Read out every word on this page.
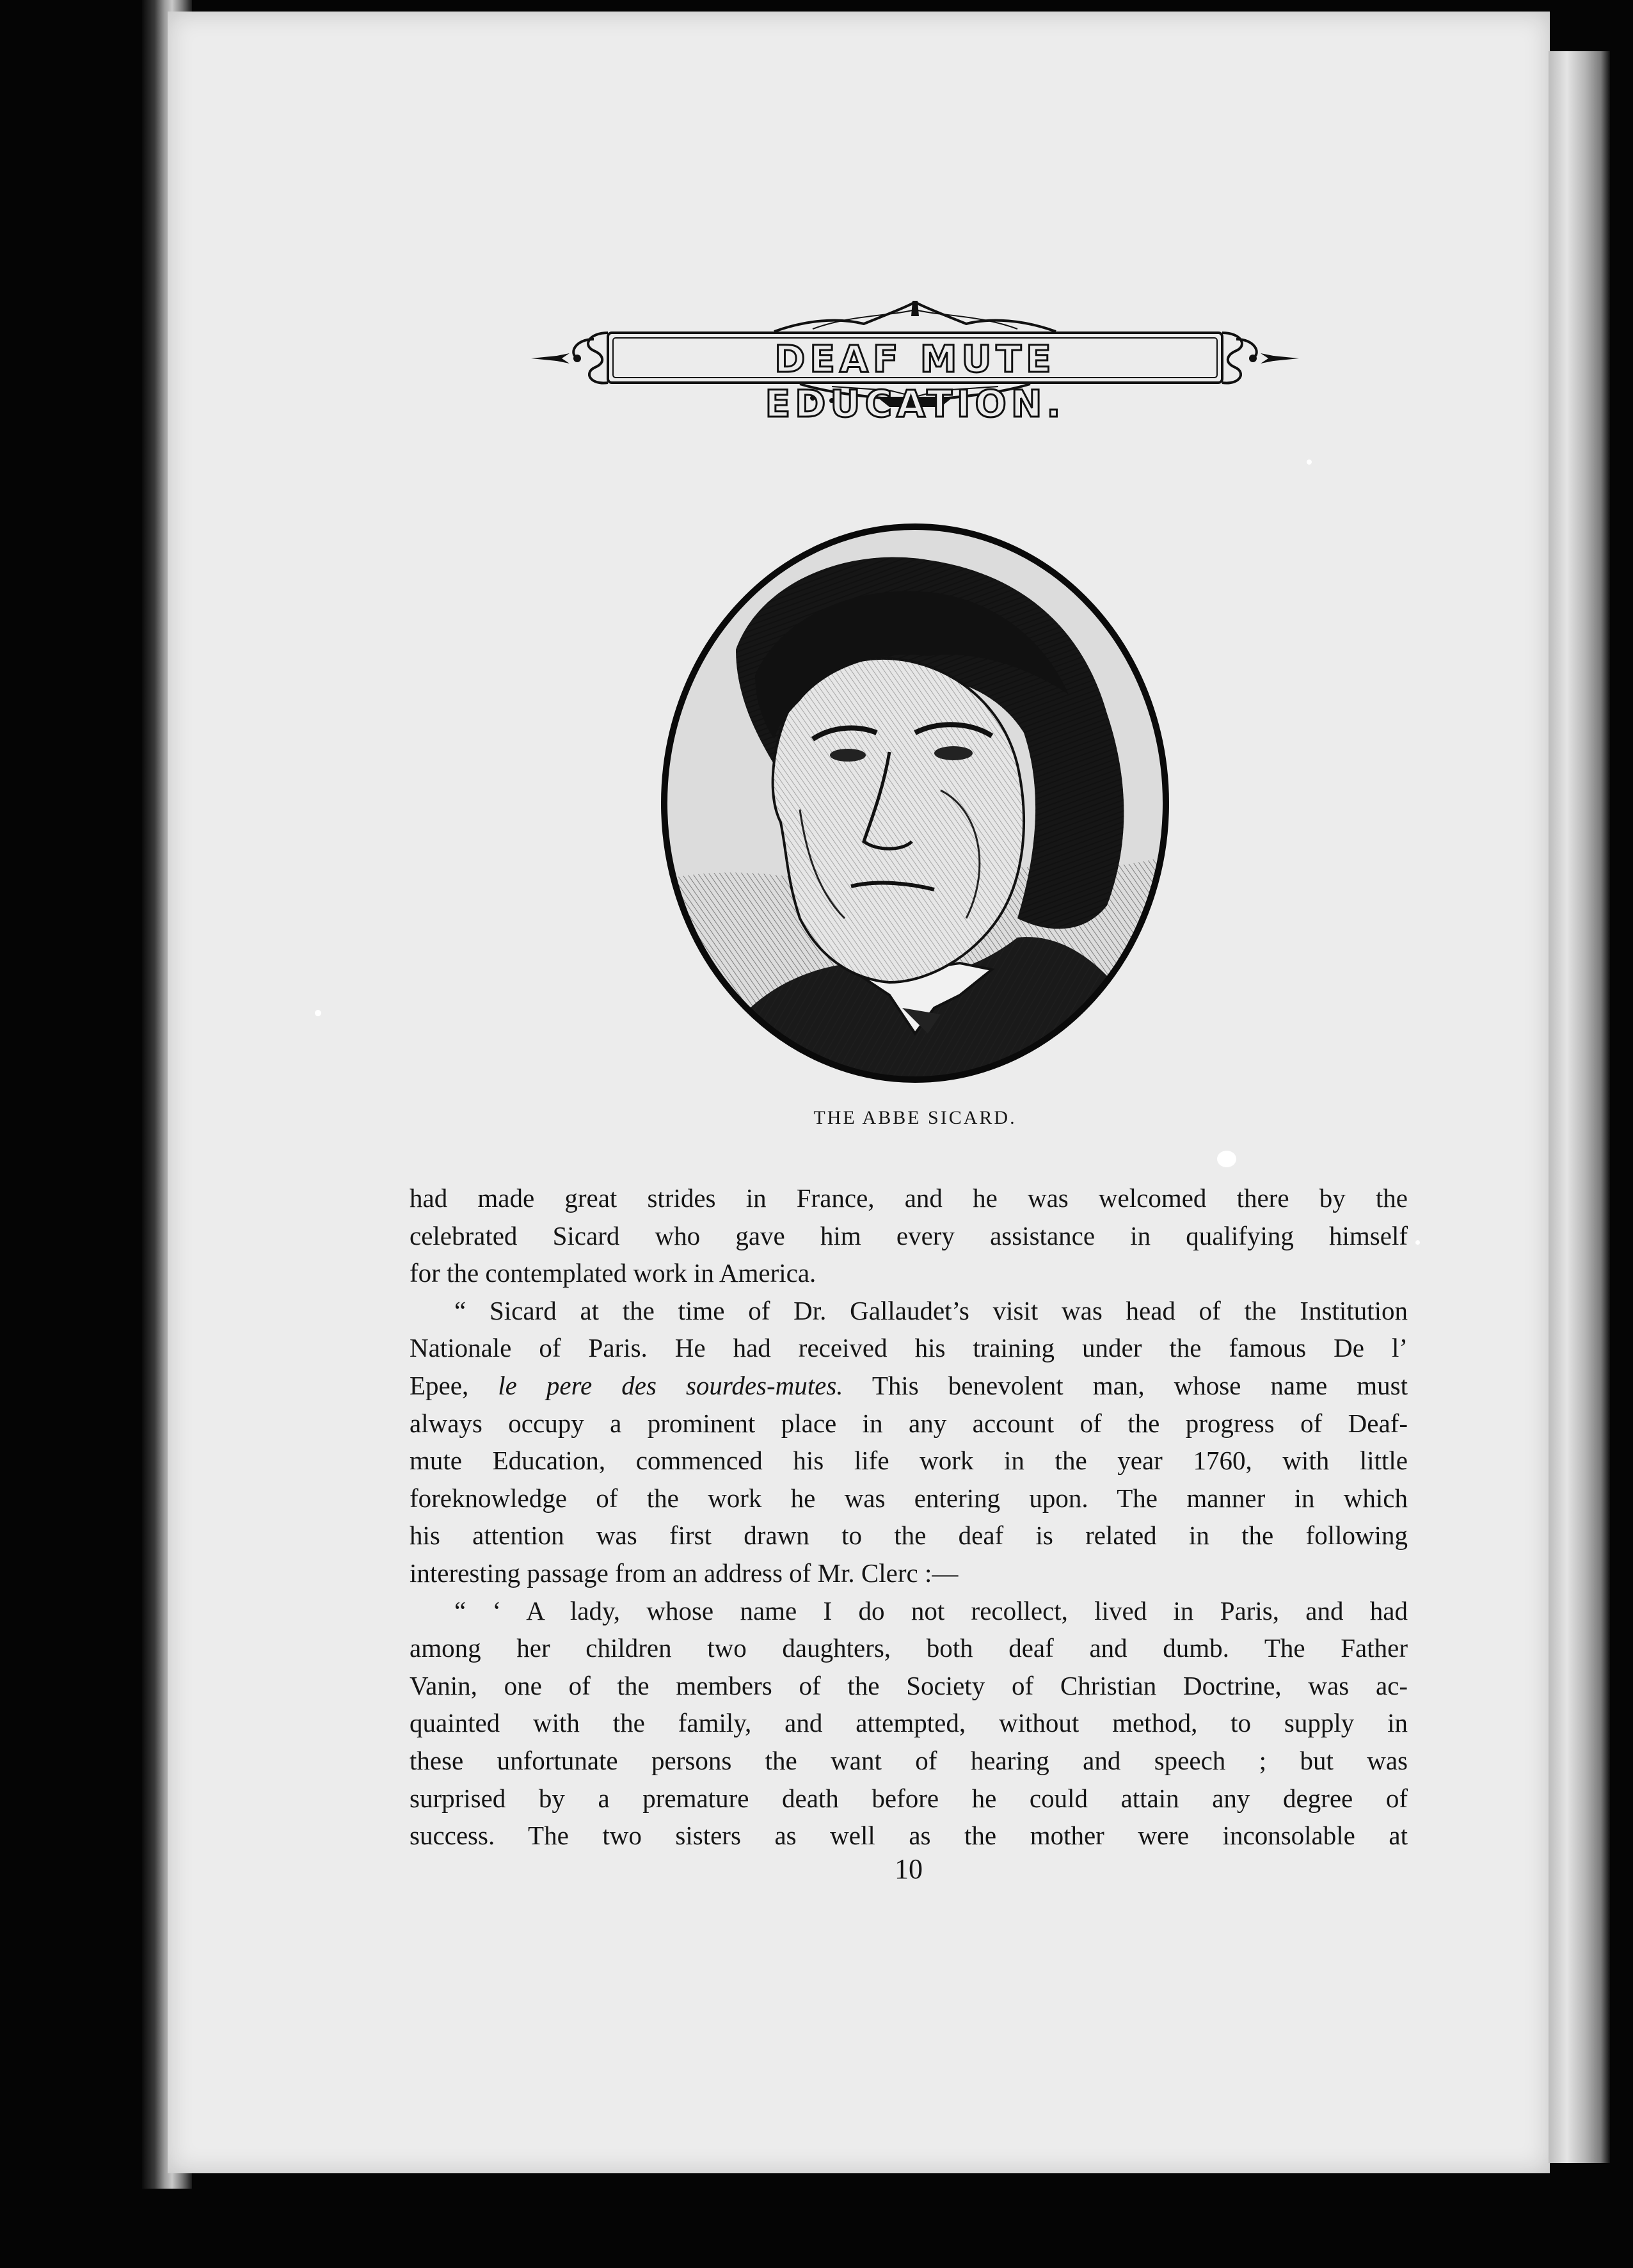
DEAF MUTE EDUCATION.
THE ABBE SICARD.
had made great strides in France, and he was welcomed there by the
celebrated Sicard who gave him every assistance in qualifying himself
for the contemplated work in America.
“ Sicard at the time of Dr. Gallaudet’s visit was head of the Institution
Nationale of Paris. He had received his training under the famous De l’
Epee, le pere des sourdes-mutes. This benevolent man, whose name must
always occupy a prominent place in any account of the progress of Deaf-
mute Education, commenced his life work in the year 1760, with little
foreknowledge of the work he was entering upon. The manner in which
his attention was first drawn to the deaf is related in the following
interesting passage from an address of Mr. Clerc :—
“ ‘ A lady, whose name I do not recollect, lived in Paris, and had
among her children two daughters, both deaf and dumb. The Father
Vanin, one of the members of the Society of Christian Doctrine, was ac-
quainted with the family, and attempted, without method, to supply in
these unfortunate persons the want of hearing and speech ; but was
surprised by a premature death before he could attain any degree of
success. The two sisters as well as the mother were inconsolable at
10
